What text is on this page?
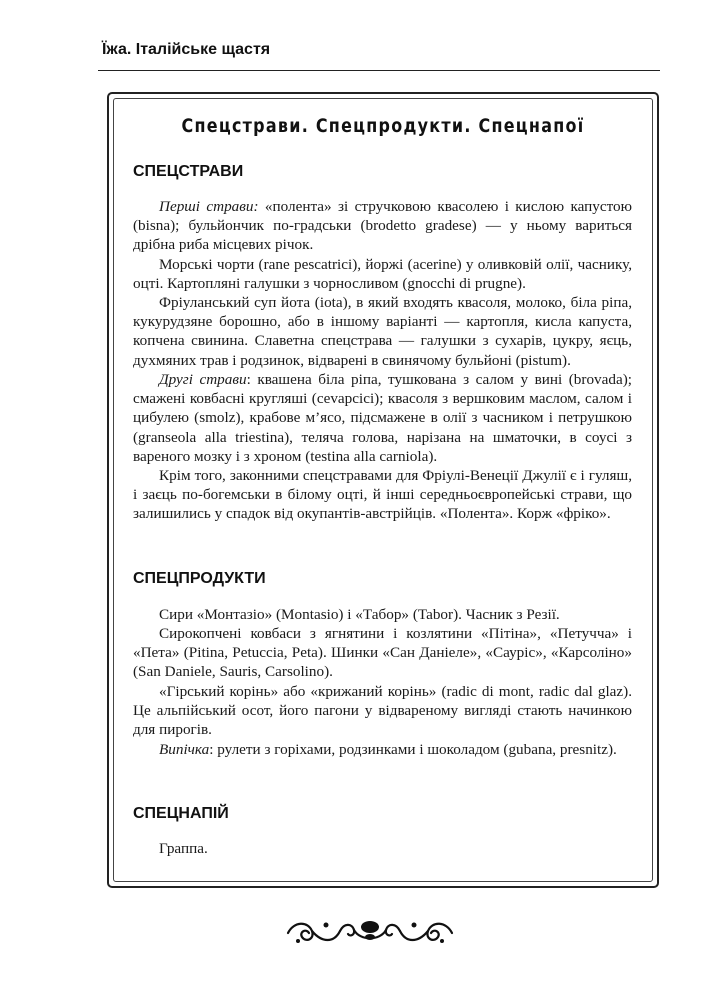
Їжа. Італійське щастя
Спецстрави. Спецпродукти. Спецнапої
СПЕЦСТРАВИ

Перші страви: «полента» зі стручковою квасолею і кислою капустою (bisna); бульйончик по-градськи (brodetto gradese) — у ньому вариться дрібна риба місцевих річок.

Морські чорти (rane pescatrici), йоржі (acerine) у оливковій олії, часнику, оцті. Картопляні галушки з чорносливом (gnocchi di prugne).

Фріуланський суп йота (iota), в який входять квасоля, молоко, біла ріпа, кукурудзяне борошно, або в іншому варіанті — картопля, кисла капуста, копчена свинина. Славетна спецстрава — галушки з сухарів, цукру, яєць, духмяних трав і родзинок, відварені в свинячому бульйоні (pistum).

Другі страви: квашена біла ріпа, тушкована з салом у вині (brovada); смажені ковбасні кругляші (cevapcici); квасоля з вершковим маслом, салом і цибулею (smolz), крабове м’ясо, підсмажене в олії з часником і петрушкою (granseola alla triestina), теляча голова, нарізана на шматочки, в соусі з вареного мозку і з хроном (testina alla carniola).

Крім того, законними спецстравами для Фріулі-Венеції Джулії є і гуляш, і заєць по-богемськи в білому оцті, й інші середньоєвропейські страви, що залишились у спадок від окупантів-австрійців. «Полента». Корж «фріко».

СПЕЦПРОДУКТИ

Сири «Монтазіо» (Montasio) і «Табор» (Tabor). Часник з Резії.

Сирокопчені ковбаси з ягнятини і козлятини «Пітіна», «Петучча» і «Пета» (Pitina, Petuccia, Peta). Шинки «Сан Даніеле», «Сауріс», «Карсоліно» (San Daniele, Sauris, Carsolino).

«Гірський корінь» або «крижаний корінь» (radic di mont, radic dal glaz). Це альпійський осот, його пагони у відвареному вигляді стають начинкою для пирогів.

Випічка: рулети з горіхами, родзинками і шоколадом (gubana, presnitz).

СПЕЦНАПІЙ

Граппа.
